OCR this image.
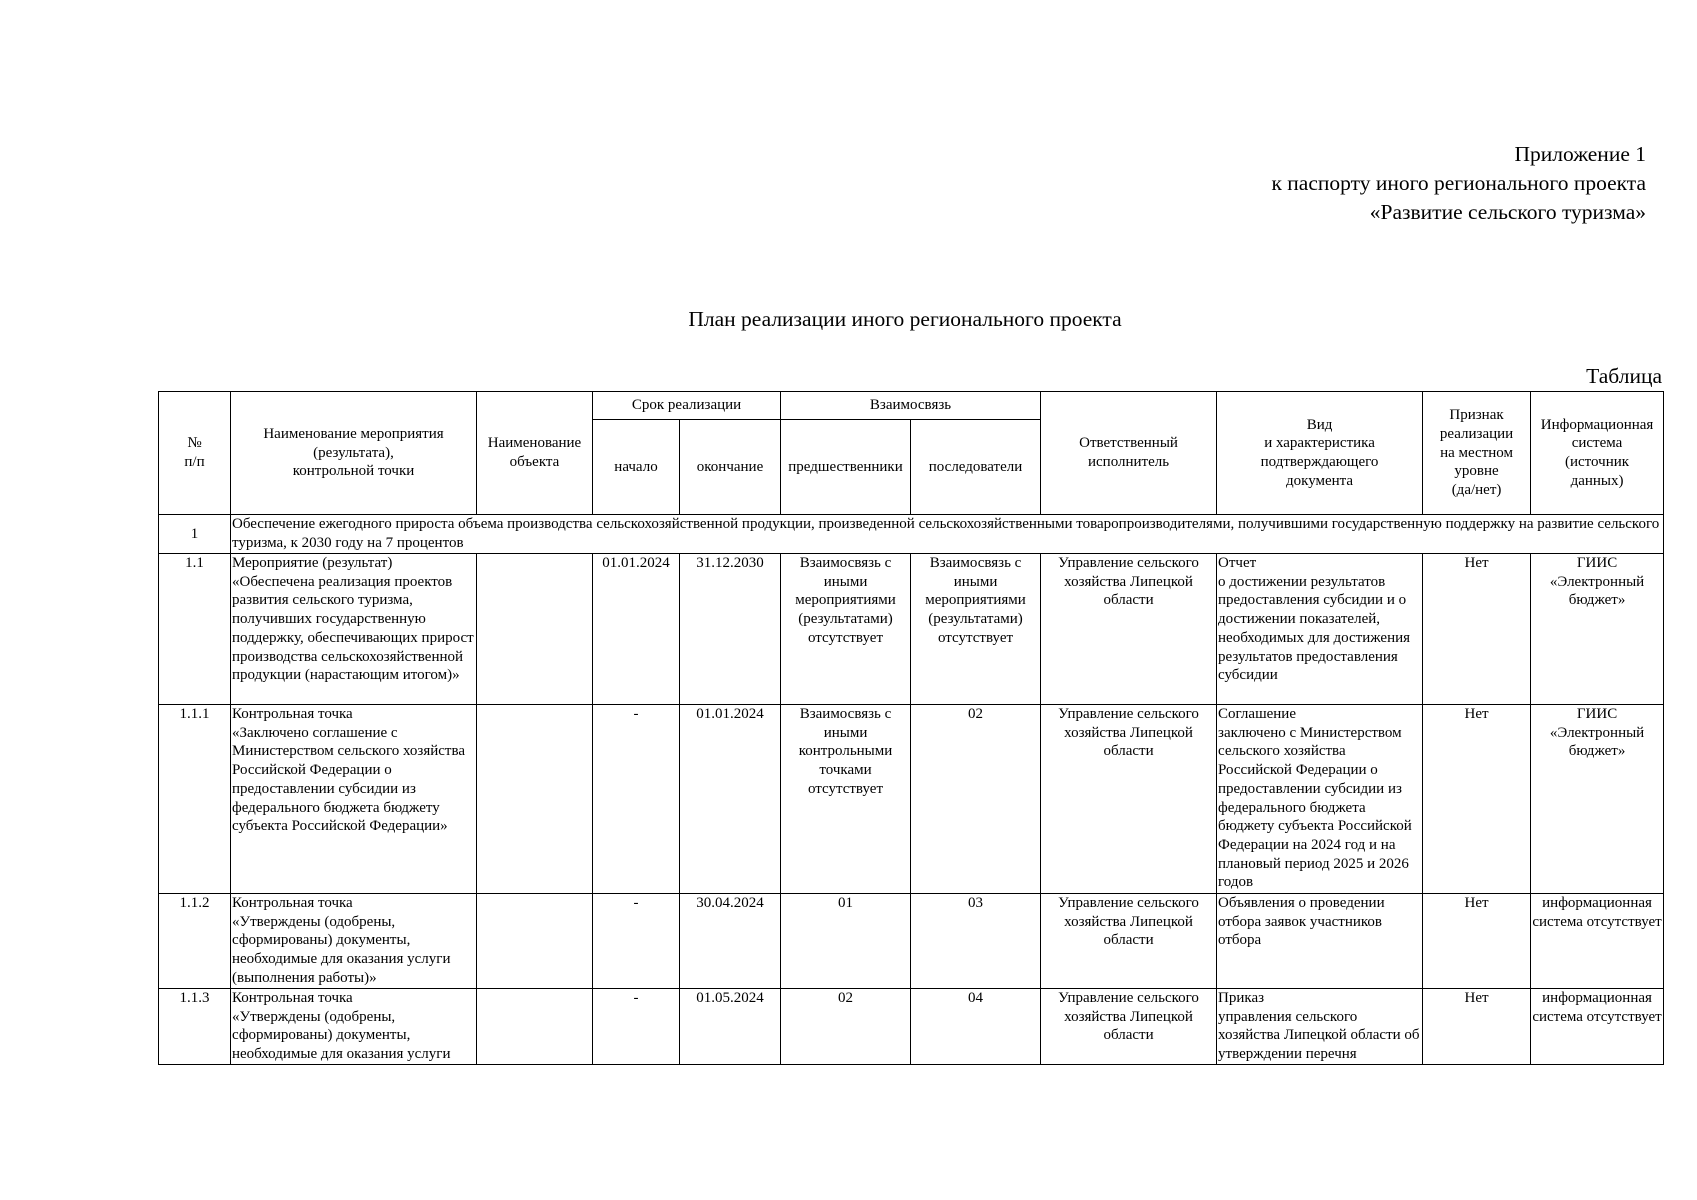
Приложение 1
к паспорту иного регионального проекта
«Развитие сельского туризма»
План реализации иного регионального проекта
Таблица
№
п/п	Наименование мероприятия
(результата),
контрольной точки	Наименование
объекта	Срок реализации		Взаимосвязь		Ответственный
исполнитель	Вид
и характеристика
подтверждающего
документа	Признак
реализации
на местном
уровне
(да/нет)	Информационная
система
(источник
данных)
			начало	окончание	предшественники	последователи				
1	Обеспечение ежегодного прироста объема производства сельскохозяйственной продукции, произведенной сельскохозяйственными товаропроизводителями, получившими государственную поддержку на развитие сельского туризма, к 2030 году на 7 процентов									
1.1	Мероприятие (результат)
«Обеспечена реализация проектов развития сельского туризма, получивших государственную поддержку, обеспечивающих прирост производства сельскохозяйственной продукции (нарастающим итогом)»		01.01.2024	31.12.2030	Взаимосвязь с иными мероприятиями (результатами) отсутствует	Взаимосвязь с иными мероприятиями (результатами) отсутствует	Управление сельского хозяйства Липецкой области	Отчет
о достижении результатов предоставления субсидии и о достижении показателей, необходимых для достижения результатов предоставления субсидии	Нет	ГИИС «Электронный бюджет»
1.1.1	Контрольная точка
«Заключено соглашение с Министерством сельского хозяйства Российской Федерации о предоставлении субсидии из федерального бюджета бюджету субъекта Российской Федерации»		-	01.01.2024	Взаимосвязь с иными контрольными точками отсутствует	02	Управление сельского хозяйства Липецкой области	Соглашение
заключено с Министерством сельского хозяйства Российской Федерации о предоставлении субсидии из федерального бюджета бюджету субъекта Российской Федерации на 2024 год и на плановый период 2025 и 2026 годов	Нет	ГИИС «Электронный бюджет»
1.1.2	Контрольная точка
«Утверждены (одобрены, сформированы) документы, необходимые для оказания услуги (выполнения работы)»		-	30.04.2024	01	03	Управление сельского хозяйства Липецкой области	Объявления о проведении отбора заявок участников отбора	Нет	информационная система отсутствует
1.1.3	Контрольная точка
«Утверждены (одобрены, сформированы) документы, необходимые для оказания услуги		-	01.05.2024	02	04	Управление сельского хозяйства Липецкой области	Приказ
управления сельского хозяйства Липецкой области об утверждении перечня	Нет	информационная система отсутствует
